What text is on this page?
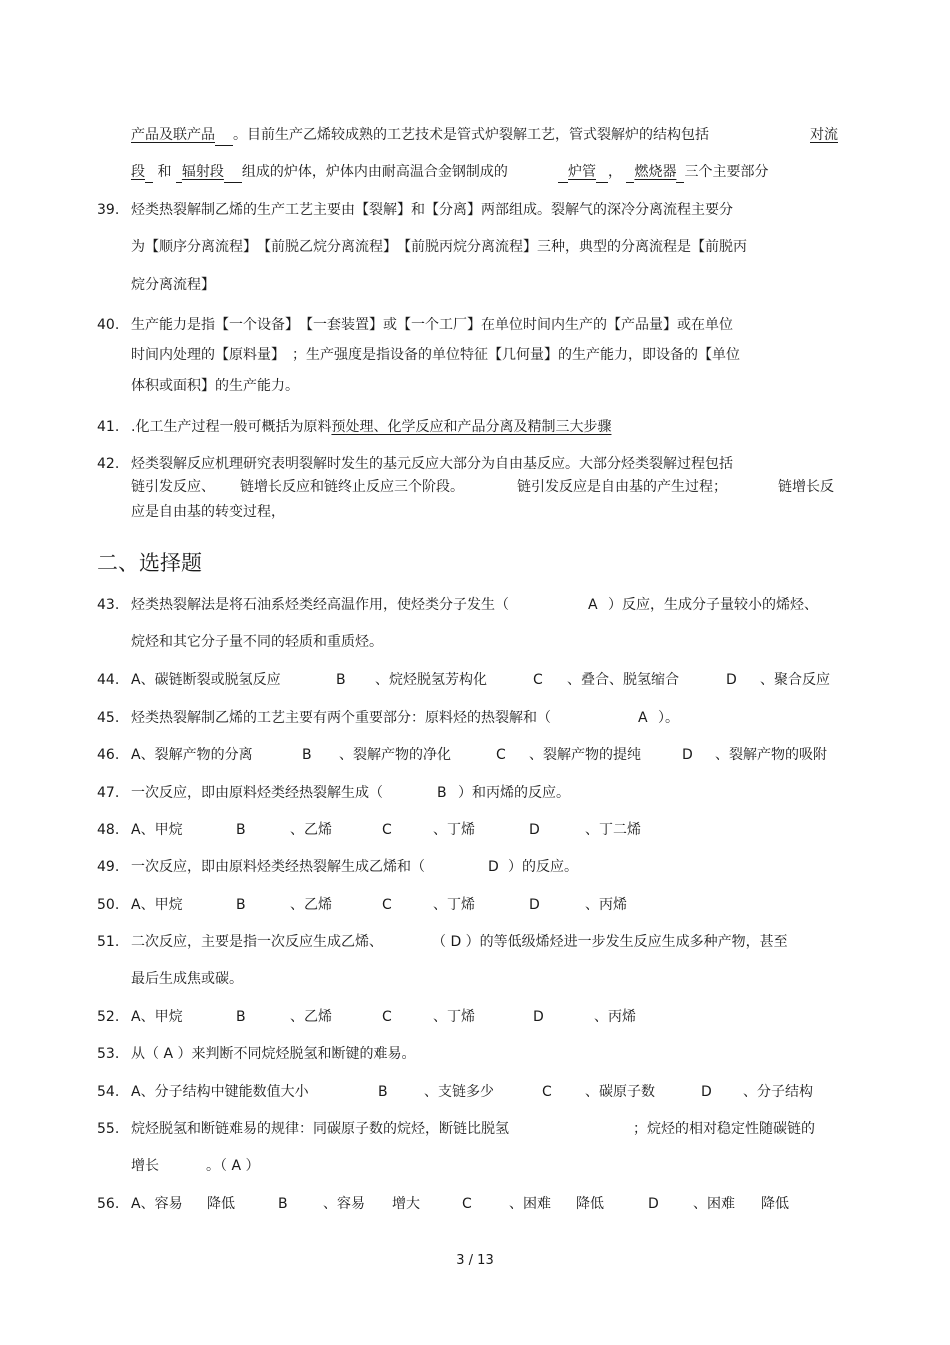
产品及联产品 。目前生产乙烯较成熟的工艺技术是管式炉裂解工艺，管式裂解炉的结构包括	对流
段 和 辐射段 组成的炉体，炉体内由耐高温合金钢制成的	炉管 ， 燃烧器 三个主要部分
39. 烃类热裂解制乙烯的生产工艺主要由【裂解】和【分离】两部组成。裂解气的深冷分离流程主要分
为【顺序分离流程】　【前脱乙烷分离流程】　【前脱丙烷分离流程】三种，典型的分离流程是【前脱丙
烷分离流程】
40. 生产能力是指【一个设备】　【一套装置】或【一个工厂】在单位时间内生产的【产品量】或在单位
时间内处理的【原料量】　；生产强度是指设备的单位特征【几何量】的生产能力，即设备的【单位
体积或面积】的生产能力。
41. .化工生产过程一般可概括为原料预处理、化学反应和产品分离及精制三大步骤
42. 烃类裂解反应机理研究表明裂解时发生的基元反应大部分为自由基反应。大部分烃类裂解过程包括
链引发反应、 链增长反应和链终止反应三个阶段。	链引发反应是自由基的产生过程；	链增长反
应是自由基的转变过程，
二、选择题
43. 烃类热裂解法是将石油系烃类经高温作用，使烃类分子发生（	A ）反应，生成分子量较小的烯烃、
烷烃和其它分子量不同的轻质和重质烃。
44. A、碳链断裂或脱氢反应	B 、烷烃脱氢芳构化	C 、叠合、脱氢缩合	D 、聚合反应
45. 烃类热裂解制乙烯的工艺主要有两个重要部分：原料烃的热裂解和（	A ）。
46. A、裂解产物的分离	B 、裂解产物的净化	C 、裂解产物的提纯	D 、裂解产物的吸附
47. 一次反应，即由原料烃类经热裂解生成（	B ）和丙烯的反应。
48. A、甲烷	B	、乙烯	C	、丁烯	D	、丁二烯
49. 一次反应，即由原料烃类经热裂解生成乙烯和（	D ）的反应。
50. A、甲烷	B	、乙烯	C	、丁烯	D	、丙烯
51. 二次反应，主要是指一次反应生成乙烯、	（ D ）的等低级烯烃进一步发生反应生成多种产物，甚至
最后生成焦或碳。
52. A、甲烷	B	、乙烯	C	、丁烯	D	、丙烯
53. 从（ A ）来判断不同烷烃脱氢和断键的难易。
54. A、分子结构中键能数值大小	B	、支链多少	C 、碳原子数	D 、分子结构
55. 烷烃脱氢和断链难易的规律：同碳原子数的烷烃，断链比脱氢	；烷烃的相对稳定性随碳链的
增长	。（ A ）
56. A、容易 降低	B	、容易 增大	C	、困难 降低	D 、困难 降低
3 / 13
